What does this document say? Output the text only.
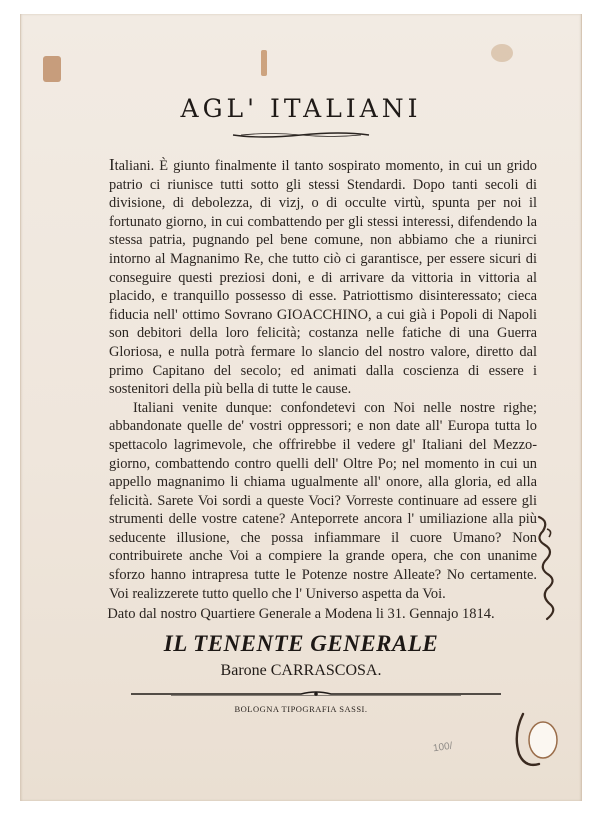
AGL' ITALIANI

Italiani. È giunto finalmente il tanto sospirato momento, in cui un grido patrio ci riunisce tutti sotto gli stessi Stendardi. Dopo tanti secoli di divisione, di debolezza, di vizj, o di occulte virtù, spunta per noi il fortunato giorno, in cui combattendo per gli stessi interessi, difendendo la stessa patria, pugnando pel bene comune, non abbiamo che a riunirci intorno al Magnanimo Re, che tutto ciò ci garantisce, per essere sicuri di conseguire questi preziosi doni, e di arrivare da vittoria in vittoria al placido, e tranquillo possesso di esse. Patriottismo disinteressato; cieca fiducia nell' ottimo Sovrano GIOACCHINO, a cui già i Popoli di Napoli son debitori della loro felicità; costanza nelle fatiche di una Guerra Gloriosa, e nulla potrà fermare lo slancio del nostro valore, diretto dal primo Capitano del secolo; ed animati dalla coscienza di essere i sostenitori della più bella di tutte le cause.

Italiani venite dunque: confondetevi con Noi nelle nostre righe; abbandonate quelle de' vostri oppressori; e non date all' Europa tutta lo spettacolo lagrimevole, che offrirebbe il vedere gl' Italiani del Mezzo-giorno, combattendo contro quelli dell' Oltre Po; nel momento in cui un appello magnanimo li chiama ugualmente all' onore, alla gloria, ed alla felicità. Sarete Voi sordi a queste Voci? Vorreste continuare ad essere gli strumenti delle vostre catene? Anteporrete ancora l' umiliazione alla più seducente illusione, che possa infiammare il cuore Umano? Non contribuirete anche Voi a compiere la grande opera, che con unanime sforzo hanno intrapresa tutte le Potenze nostre Alleate? No certamente. Voi realizzerete tutto quello che l' Universo aspetta da Voi.

Dato dal nostro Quartiere Generale a Modena li 31. Gennajo 1814.
IL TENENTE GENERALE
Barone CARRASCOSA.
BOLOGNA TIPOGRAFIA SASSI.
100/
